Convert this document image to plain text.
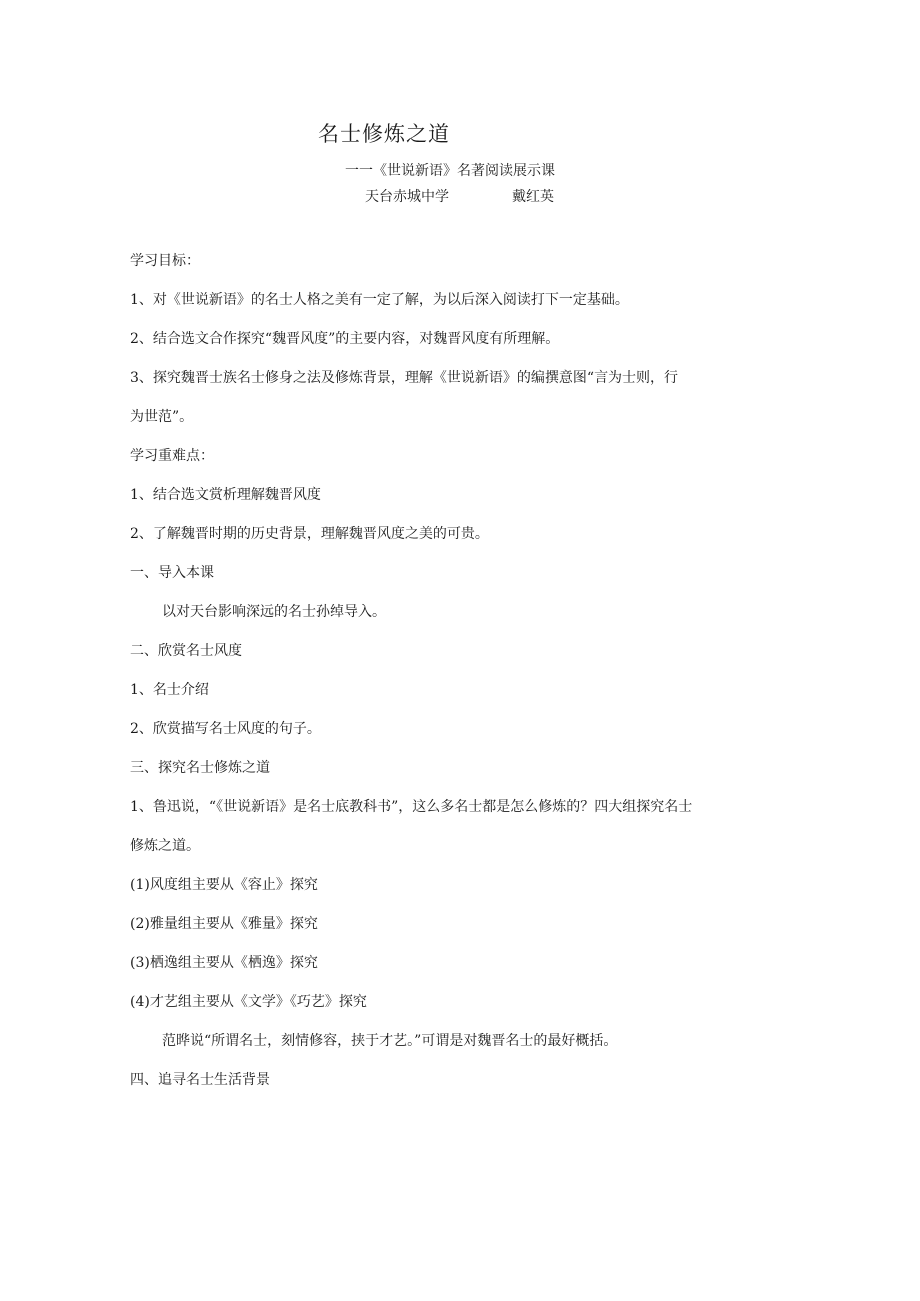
名士修炼之道
一一《世说新语》名著阅读展示课
天台赤城中学	戴红英
学习目标：
1、对《世说新语》的名士人格之美有一定了解，为以后深入阅读打下一定基础。
2、结合选文合作探究“魏晋风度”的主要内容，对魏晋风度有所理解。
3、探究魏晋士族名士修身之法及修炼背景，理解《世说新语》的编撰意图“言为士则，行
为世范”。
学习重难点：
1、结合选文赏析理解魏晋风度
2、了解魏晋时期的历史背景，理解魏晋风度之美的可贵。
一、导入本课
以对天台影响深远的名士孙绰导入。
二、欣赏名士风度
1、名士介绍
2、欣赏描写名士风度的句子。
三、探究名士修炼之道
1、鲁迅说，“《世说新语》是名士底教科书”，这么多名士都是怎么修炼的？四大组探究名士
修炼之道。
(1)风度组主要从《容止》探究
(2)雅量组主要从《雅量》探究
(3)栖逸组主要从《栖逸》探究
(4)才艺组主要从《文学》《巧艺》探究
范晔说“所谓名士，刻情修容，挟于才艺。”可谓是对魏晋名士的最好概括。
四、追寻名士生活背景
